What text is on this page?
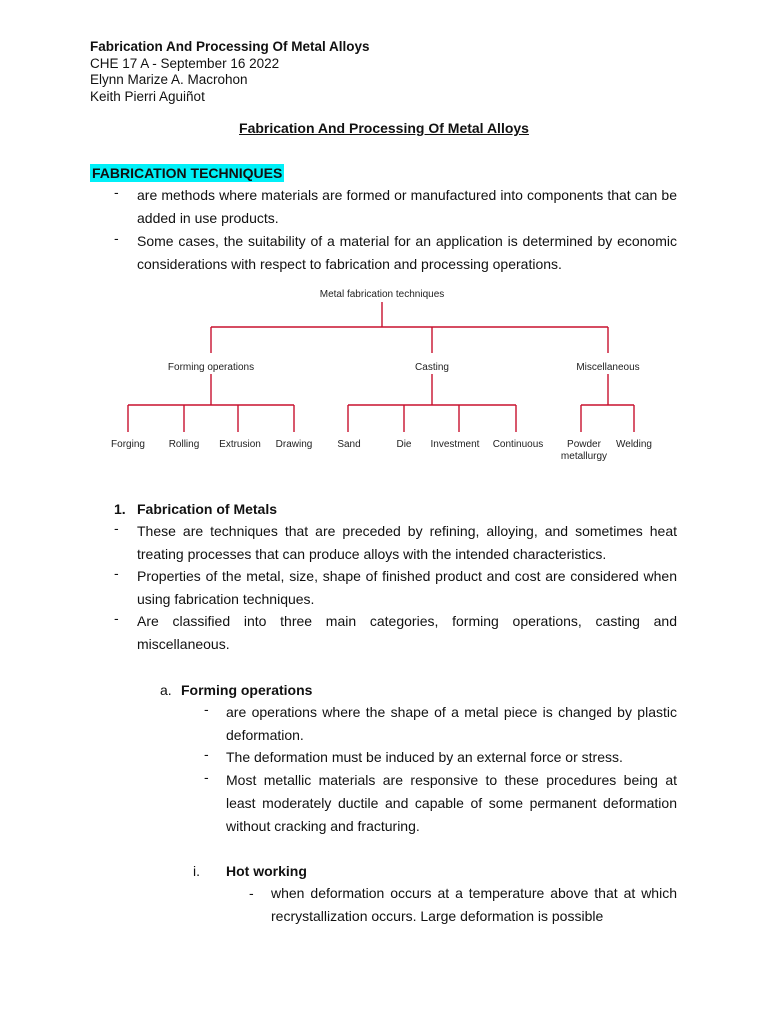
Fabrication And Processing Of Metal Alloys
CHE 17 A - September 16 2022
Elynn Marize A. Macrohon
Keith Pierri Aguiñot
Fabrication And Processing Of Metal Alloys
FABRICATION TECHNIQUES
- are methods where materials are formed or manufactured into components that can be added in use products.
- Some cases, the suitability of a material for an application is determined by economic considerations with respect to fabrication and processing operations.
Metal fabrication techniques
Forming operations	Casting	Miscellaneous
Forging Rolling Extrusion Drawing Sand	Die Investment Continuous Powder
metallurgy
Welding
1. Fabrication of Metals
- These are techniques that are preceded by refining, alloying, and sometimes heat treating processes that can produce alloys with the intended characteristics.
- Properties of the metal, size, shape of finished product and cost are considered when using fabrication techniques.
- Are classified into three main categories, forming operations, casting and miscellaneous.
a. Forming operations
- are operations where the shape of a metal piece is changed by plastic deformation.
- The deformation must be induced by an external force or stress.
- Most metallic materials are responsive to these procedures being at least moderately ductile and capable of some permanent deformation without cracking and fracturing.
i. Hot working
- when deformation occurs at a temperature above that at which recrystallization occurs. Large deformation is possible
